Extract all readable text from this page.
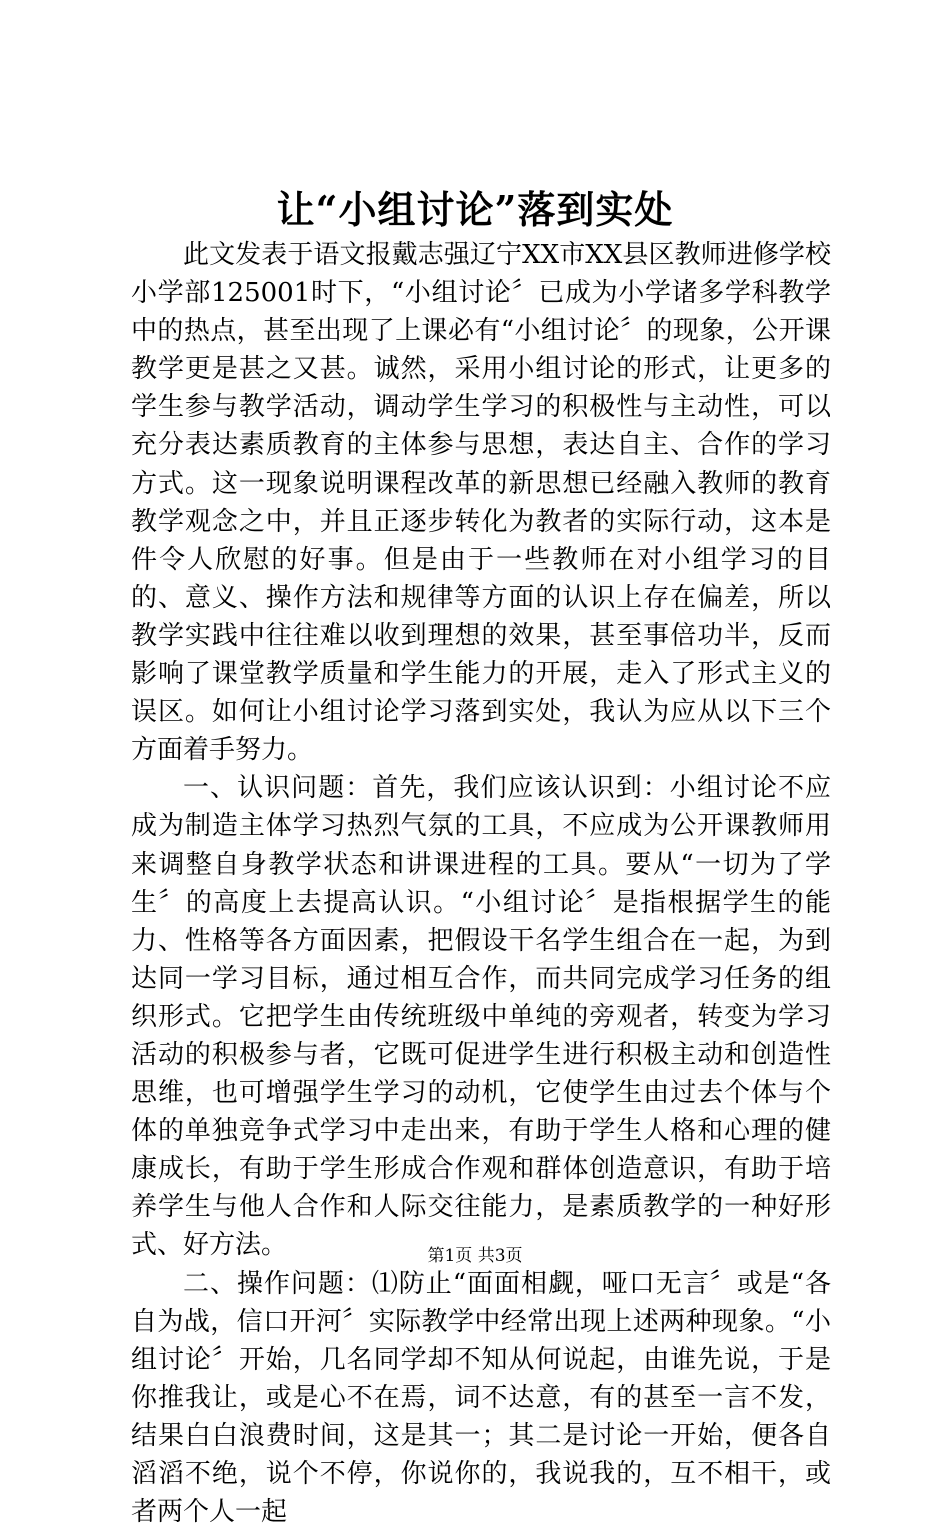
让“小组讨论”落到实处

此文发表于语文报戴志强辽宁XX市XX县区教师进修学校小学部125001时下，“小组讨论〞已成为小学诸多学科教学中的热点，甚至出现了上课必有“小组讨论〞的现象，公开课教学更是甚之又甚。诚然，采用小组讨论的形式，让更多的学生参与教学活动，调动学生学习的积极性与主动性，可以充分表达素质教育的主体参与思想，表达自主、合作的学习方式。这一现象说明课程改革的新思想已经融入教师的教育教学观念之中，并且正逐步转化为教者的实际行动，这本是件令人欣慰的好事。但是由于一些教师在对小组学习的目的、意义、操作方法和规律等方面的认识上存在偏差，所以教学实践中往往难以收到理想的效果，甚至事倍功半，反而影响了课堂教学质量和学生能力的开展，走入了形式主义的误区。如何让小组讨论学习落到实处，我认为应从以下三个方面着手努力。

一、认识问题：首先，我们应该认识到：小组讨论不应成为制造主体学习热烈气氛的工具，不应成为公开课教师用来调整自身教学状态和讲课进程的工具。要从“一切为了学生〞的高度上去提高认识。“小组讨论〞是指根据学生的能力、性格等各方面因素，把假设干名学生组合在一起，为到达同一学习目标，通过相互合作，而共同完成学习任务的组织形式。它把学生由传统班级中单纯的旁观者，转变为学习活动的积极参与者，它既可促进学生进行积极主动和创造性思维，也可增强学生学习的动机，它使学生由过去个体与个体的单独竞争式学习中走出来，有助于学生人格和心理的健康成长，有助于学生形成合作观和群体创造意识，有助于培养学生与他人合作和人际交往能力，是素质教学的一种好形式、好方法。

二、操作问题：⑴防止“面面相觑，哑口无言〞或是“各自为战，信口开河〞实际教学中经常出现上述两种现象。“小组讨论〞开始，几名同学却不知从何说起，由谁先说，于是你推我让，或是心不在焉，词不达意，有的甚至一言不发，结果白白浪费时间，这是其一；其二是讨论一开始，便各自滔滔不绝，说个不停，你说你的，我说我的，互不相干，或者两个人一起

第1页 共3页
